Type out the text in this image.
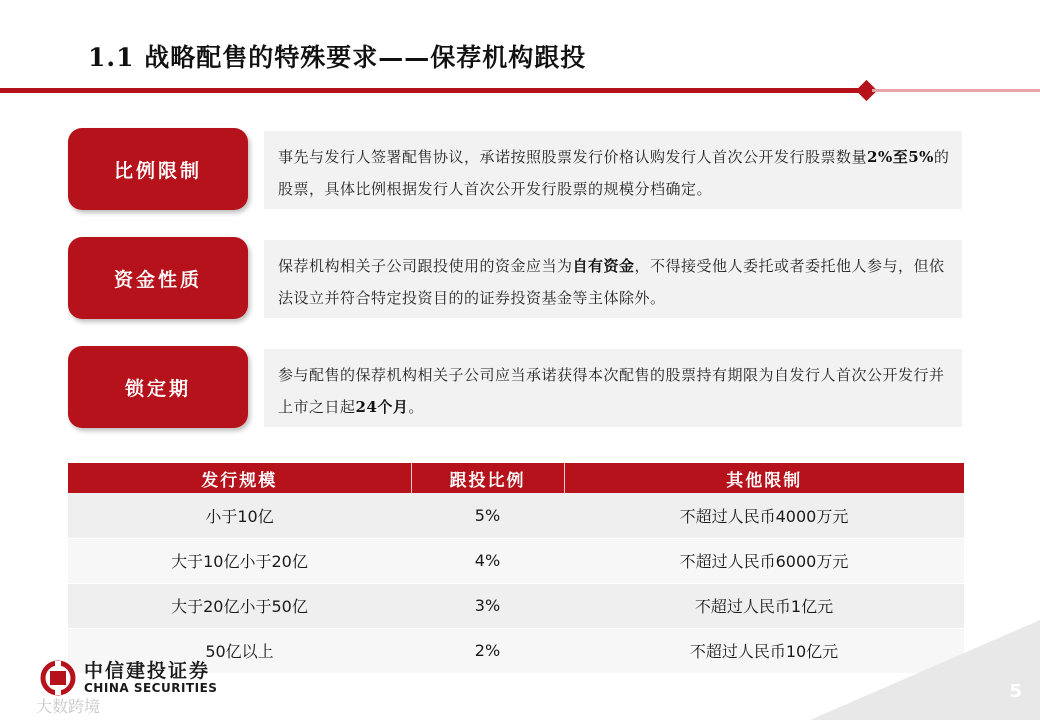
1.1 战略配售的特殊要求——保荐机构跟投
比例限制
事先与发行人签署配售协议，承诺按照股票发行价格认购发行人首次公开发行股票数量2%至5%的股票，具体比例根据发行人首次公开发行股票的规模分档确定。
资金性质
保荐机构相关子公司跟投使用的资金应当为自有资金，不得接受他人委托或者委托他人参与，但依法设立并符合特定投资目的的证券投资基金等主体除外。
锁定期
参与配售的保荐机构相关子公司应当承诺获得本次配售的股票持有期限为自发行人首次公开发行并上市之日起24个月。
发行规模	跟投比例	其他限制
小于10亿	5%	不超过人民币4000万元
大于10亿小于20亿	4%	不超过人民币6000万元
大于20亿小于50亿	3%	不超过人民币1亿元
50亿以上	2%	不超过人民币10亿元
中信建投证券
CHINA SECURITIES
大数跨境
5
